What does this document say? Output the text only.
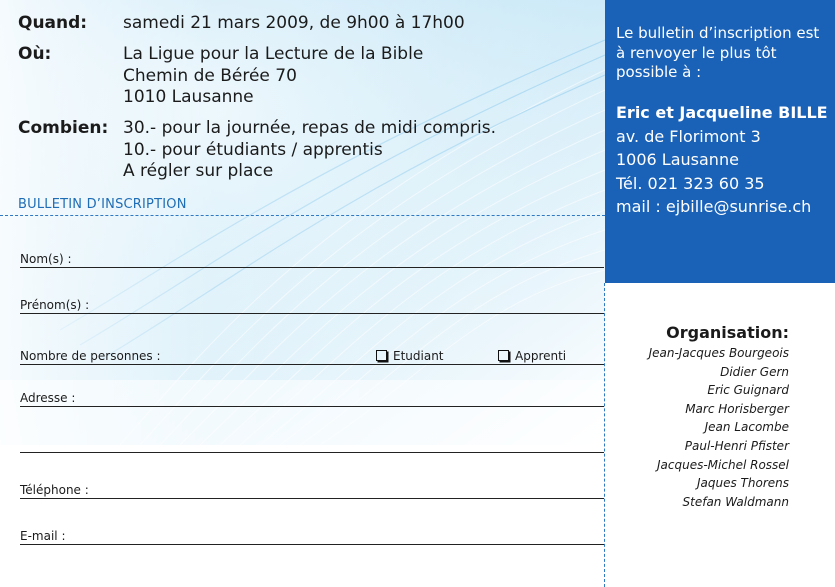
Quand: samedi 21 mars 2009, de 9h00 à 17h00
Où:	La Ligue pour la Lecture de la Bible
Chemin de Bérée 70
1010 Lausanne
Combien: 30.- pour la journée, repas de midi compris.
10.- pour étudiants / apprentis
A régler sur place
BULLETIN D’INSCRIPTION
Nom(s) :
Prénom(s) :
Nombre de personnes :	Etudiant	Apprenti
Adresse :
Téléphone :
E-mail :
Le bulletin d’inscription est à renvoyer le plus tôt possible à :
Eric et Jacqueline BILLE
av. de Florimont 3
1006 Lausanne
Tél. 021 323 60 35
mail : ejbille@sunrise.ch
Organisation:
Jean-Jacques Bourgeois
Didier Gern
Eric Guignard
Marc Horisberger
Jean Lacombe
Paul-Henri Pfister
Jacques-Michel Rossel
Jaques Thorens
Stefan Waldmann
